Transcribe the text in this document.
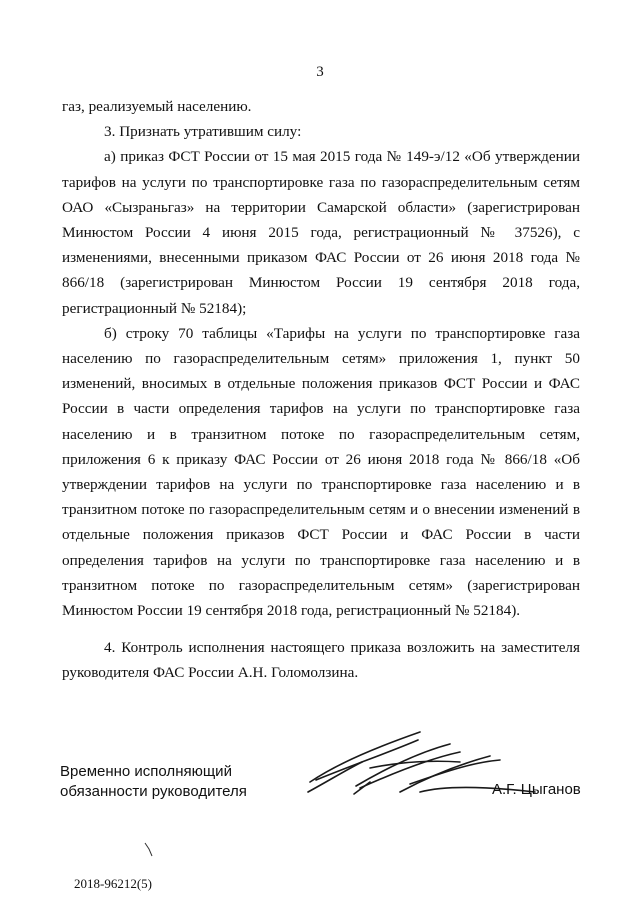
3

газ, реализуемый населению.

3. Признать утратившим силу:

а) приказ ФСТ России от 15 мая 2015 года № 149-э/12 «Об утверждении тарифов на услуги по транспортировке газа по газораспределительным сетям ОАО «Сызраньгаз» на территории Самарской области» (зарегистрирован Минюстом России 4 июня 2015 года, регистрационный № 37526), с изменениями, внесенными приказом ФАС России от 26 июня 2018 года № 866/18 (зарегистрирован Минюстом России 19 сентября 2018 года, регистрационный № 52184);

б) строку 70 таблицы «Тарифы на услуги по транспортировке газа населению по газораспределительным сетям» приложения 1, пункт 50 изменений, вносимых в отдельные положения приказов ФСТ России и ФАС России в части определения тарифов на услуги по транспортировке газа населению и в транзитном потоке по газораспределительным сетям, приложения 6 к приказу ФАС России от 26 июня 2018 года № 866/18 «Об утверждении тарифов на услуги по транспортировке газа населению и в транзитном потоке по газораспределительным сетям и о внесении изменений в отдельные положения приказов ФСТ России и ФАС России в части определения тарифов на услуги по транспортировке газа населению и в транзитном потоке по газораспределительным сетям» (зарегистрирован Минюстом России 19 сентября 2018 года, регистрационный № 52184).

4. Контроль исполнения настоящего приказа возложить на заместителя руководителя ФАС России А.Н. Голомолзина.

Временно исполняющий
обязанности руководителя	А.Г. Цыганов
2018-96212(5)
